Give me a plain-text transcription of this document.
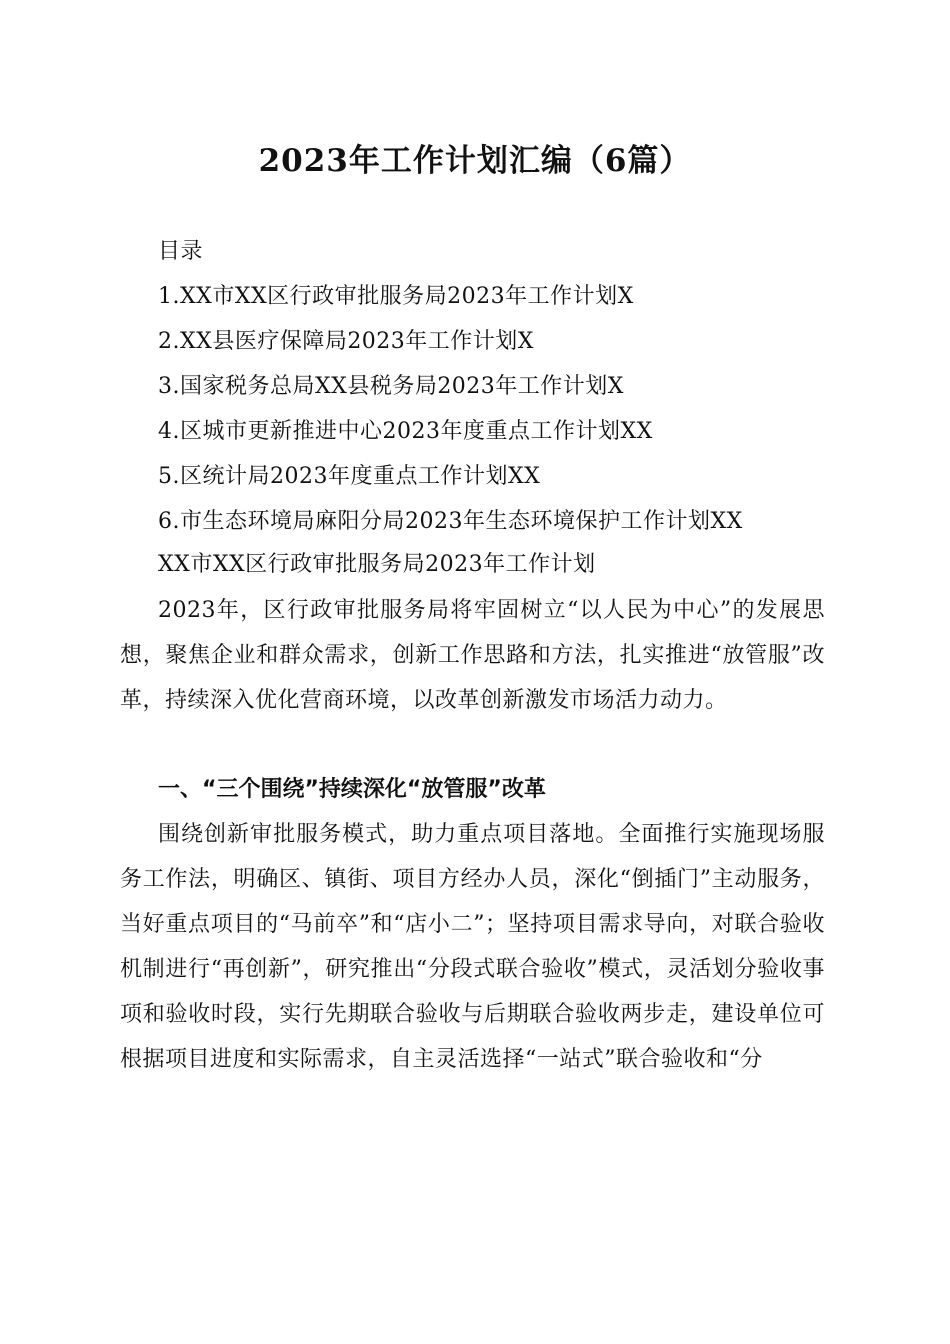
2023年工作计划汇编（6篇）
目录
1.XX市XX区行政审批服务局2023年工作计划X
2.XX县医疗保障局2023年工作计划X
3.国家税务总局XX县税务局2023年工作计划X
4.区城市更新推进中心2023年度重点工作计划XX
5.区统计局2023年度重点工作计划XX
6.市生态环境局麻阳分局2023年生态环境保护工作计划XX
XX市XX区行政审批服务局2023年工作计划
2023年，区行政审批服务局将牢固树立“以人民为中心”的发展思想，聚焦企业和群众需求，创新工作思路和方法，扎实推进“放管服”改革，持续深入优化营商环境，以改革创新激发市场活力动力。
一、“三个围绕”持续深化“放管服”改革
围绕创新审批服务模式，助力重点项目落地。全面推行实施现场服务工作法，明确区、镇街、项目方经办人员，深化“倒插门”主动服务，当好重点项目的“马前卒”和“店小二”；坚持项目需求导向，对联合验收机制进行“再创新”，研究推出“分段式联合验收”模式，灵活划分验收事项和验收时段，实行先期联合验收与后期联合验收两步走，建设单位可根据项目进度和实际需求，自主灵活选择“一站式”联合验收和“分
